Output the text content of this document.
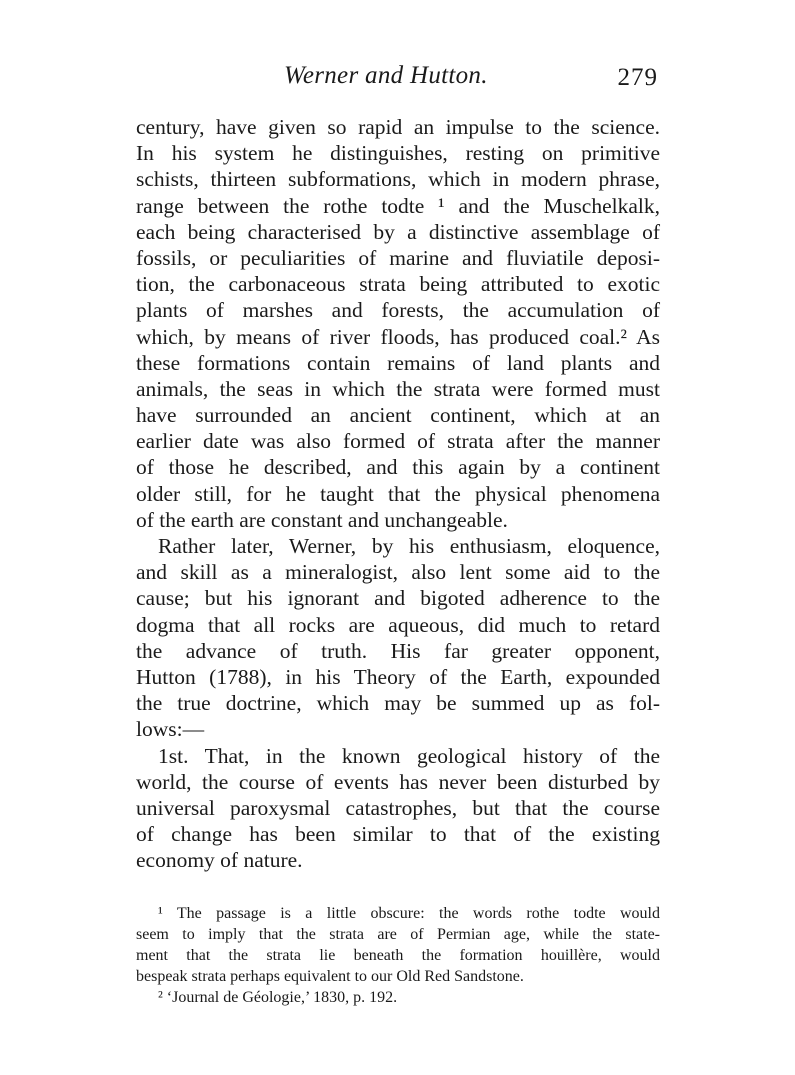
Werner and Hutton.	279
century, have given so rapid an impulse to the science.
In his system he distinguishes, resting on primitive
schists, thirteen subformations, which in modern phrase,
range between the rothe todte ¹ and the Muschelkalk,
each being characterised by a distinctive assemblage of
fossils, or peculiarities of marine and fluviatile deposi-
tion, the carbonaceous strata being attributed to exotic
plants of marshes and forests, the accumulation of
which, by means of river floods, has produced coal.² As
these formations contain remains of land plants and
animals, the seas in which the strata were formed must
have surrounded an ancient continent, which at an
earlier date was also formed of strata after the manner
of those he described, and this again by a continent
older still, for he taught that the physical phenomena
of the earth are constant and unchangeable.
Rather later, Werner, by his enthusiasm, eloquence,
and skill as a mineralogist, also lent some aid to the
cause; but his ignorant and bigoted adherence to the
dogma that all rocks are aqueous, did much to retard
the advance of truth. His far greater opponent,
Hutton (1788), in his Theory of the Earth, expounded
the true doctrine, which may be summed up as fol-
lows:—
1st. That, in the known geological history of the
world, the course of events has never been disturbed by
universal paroxysmal catastrophes, but that the course
of change has been similar to that of the existing
economy of nature.
¹ The passage is a little obscure: the words rothe todte would
seem to imply that the strata are of Permian age, while the state-
ment that the strata lie beneath the formation houillère, would
bespeak strata perhaps equivalent to our Old Red Sandstone.
² ‘Journal de Géologie,’ 1830, p. 192.
